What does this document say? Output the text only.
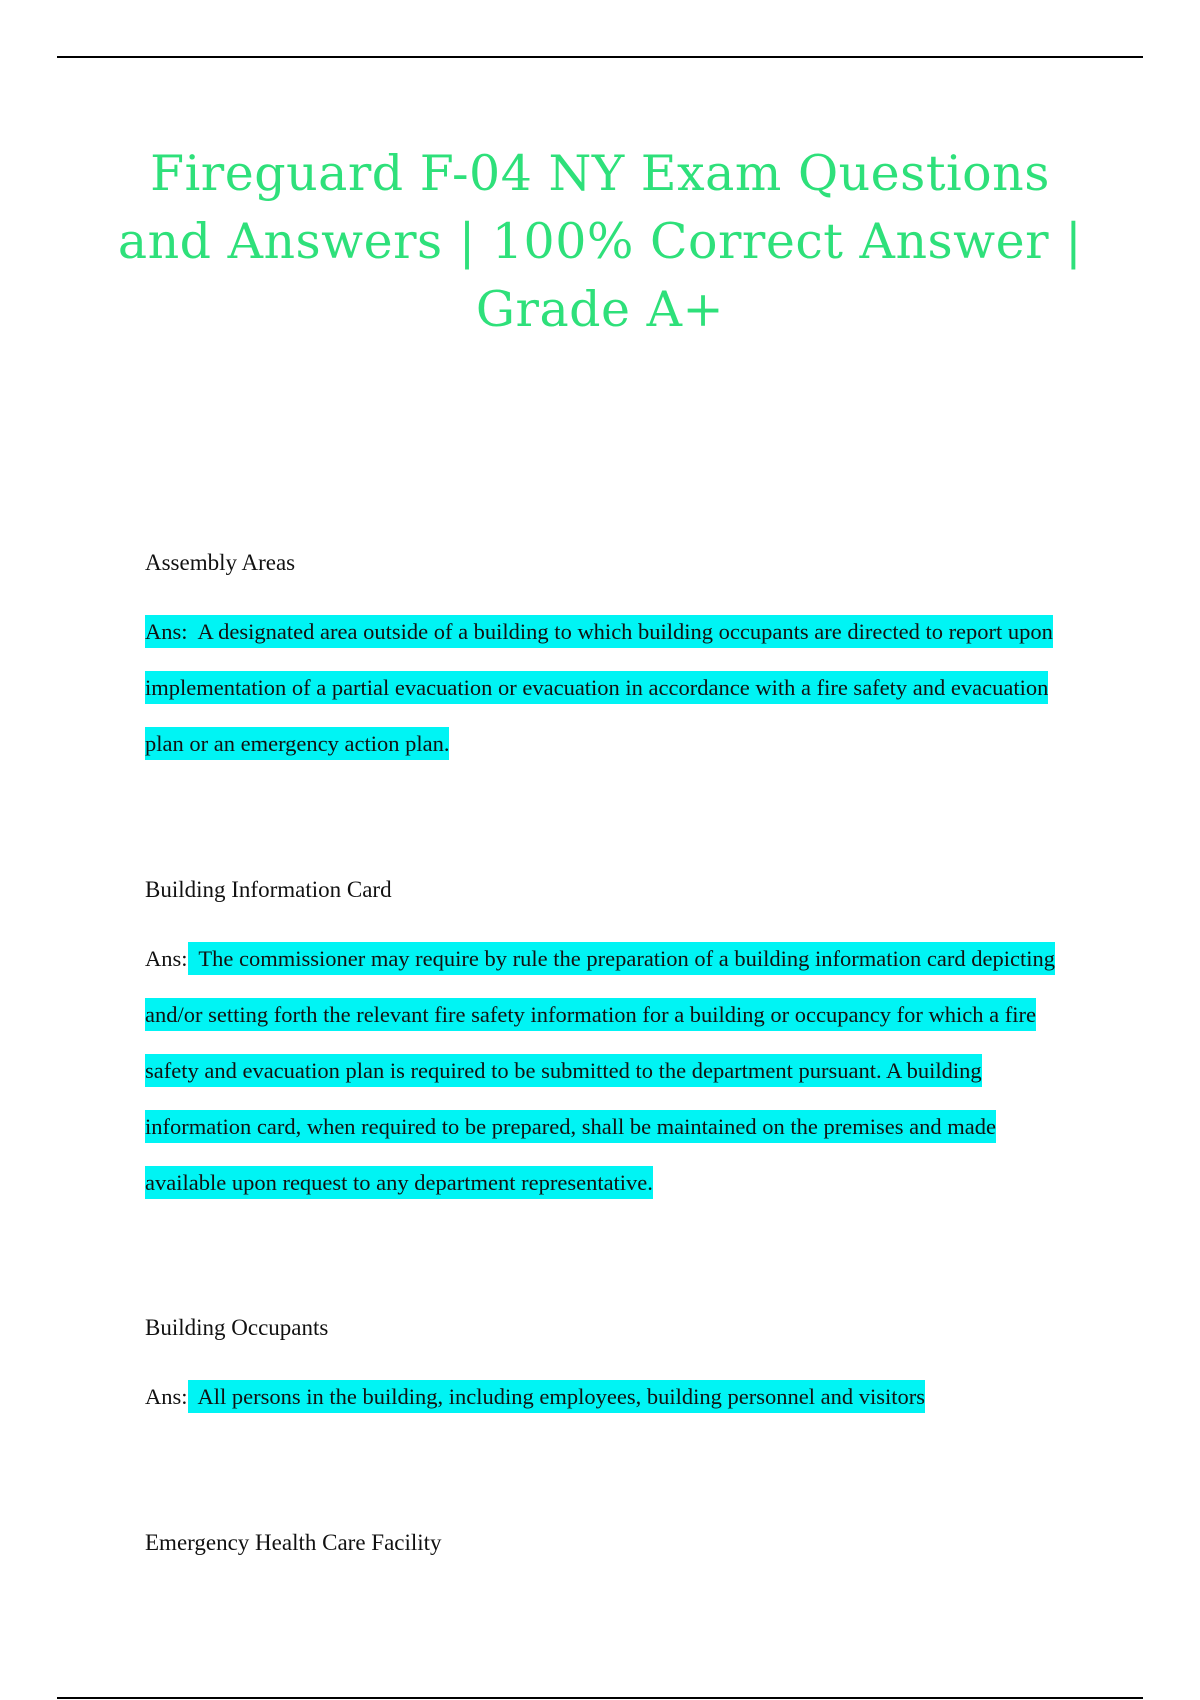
Fireguard F-04 NY Exam Questions and Answers | 100% Correct Answer | Grade A+

Assembly Areas

Ans: A designated area outside of a building to which building occupants are directed to report upon implementation of a partial evacuation or evacuation in accordance with a fire safety and evacuation plan or an emergency action plan.

Building Information Card

Ans: The commissioner may require by rule the preparation of a building information card depicting and/or setting forth the relevant fire safety information for a building or occupancy for which a fire safety and evacuation plan is required to be submitted to the department pursuant. A building information card, when required to be prepared, shall be maintained on the premises and made available upon request to any department representative.

Building Occupants

Ans: All persons in the building, including employees, building personnel and visitors

Emergency Health Care Facility
